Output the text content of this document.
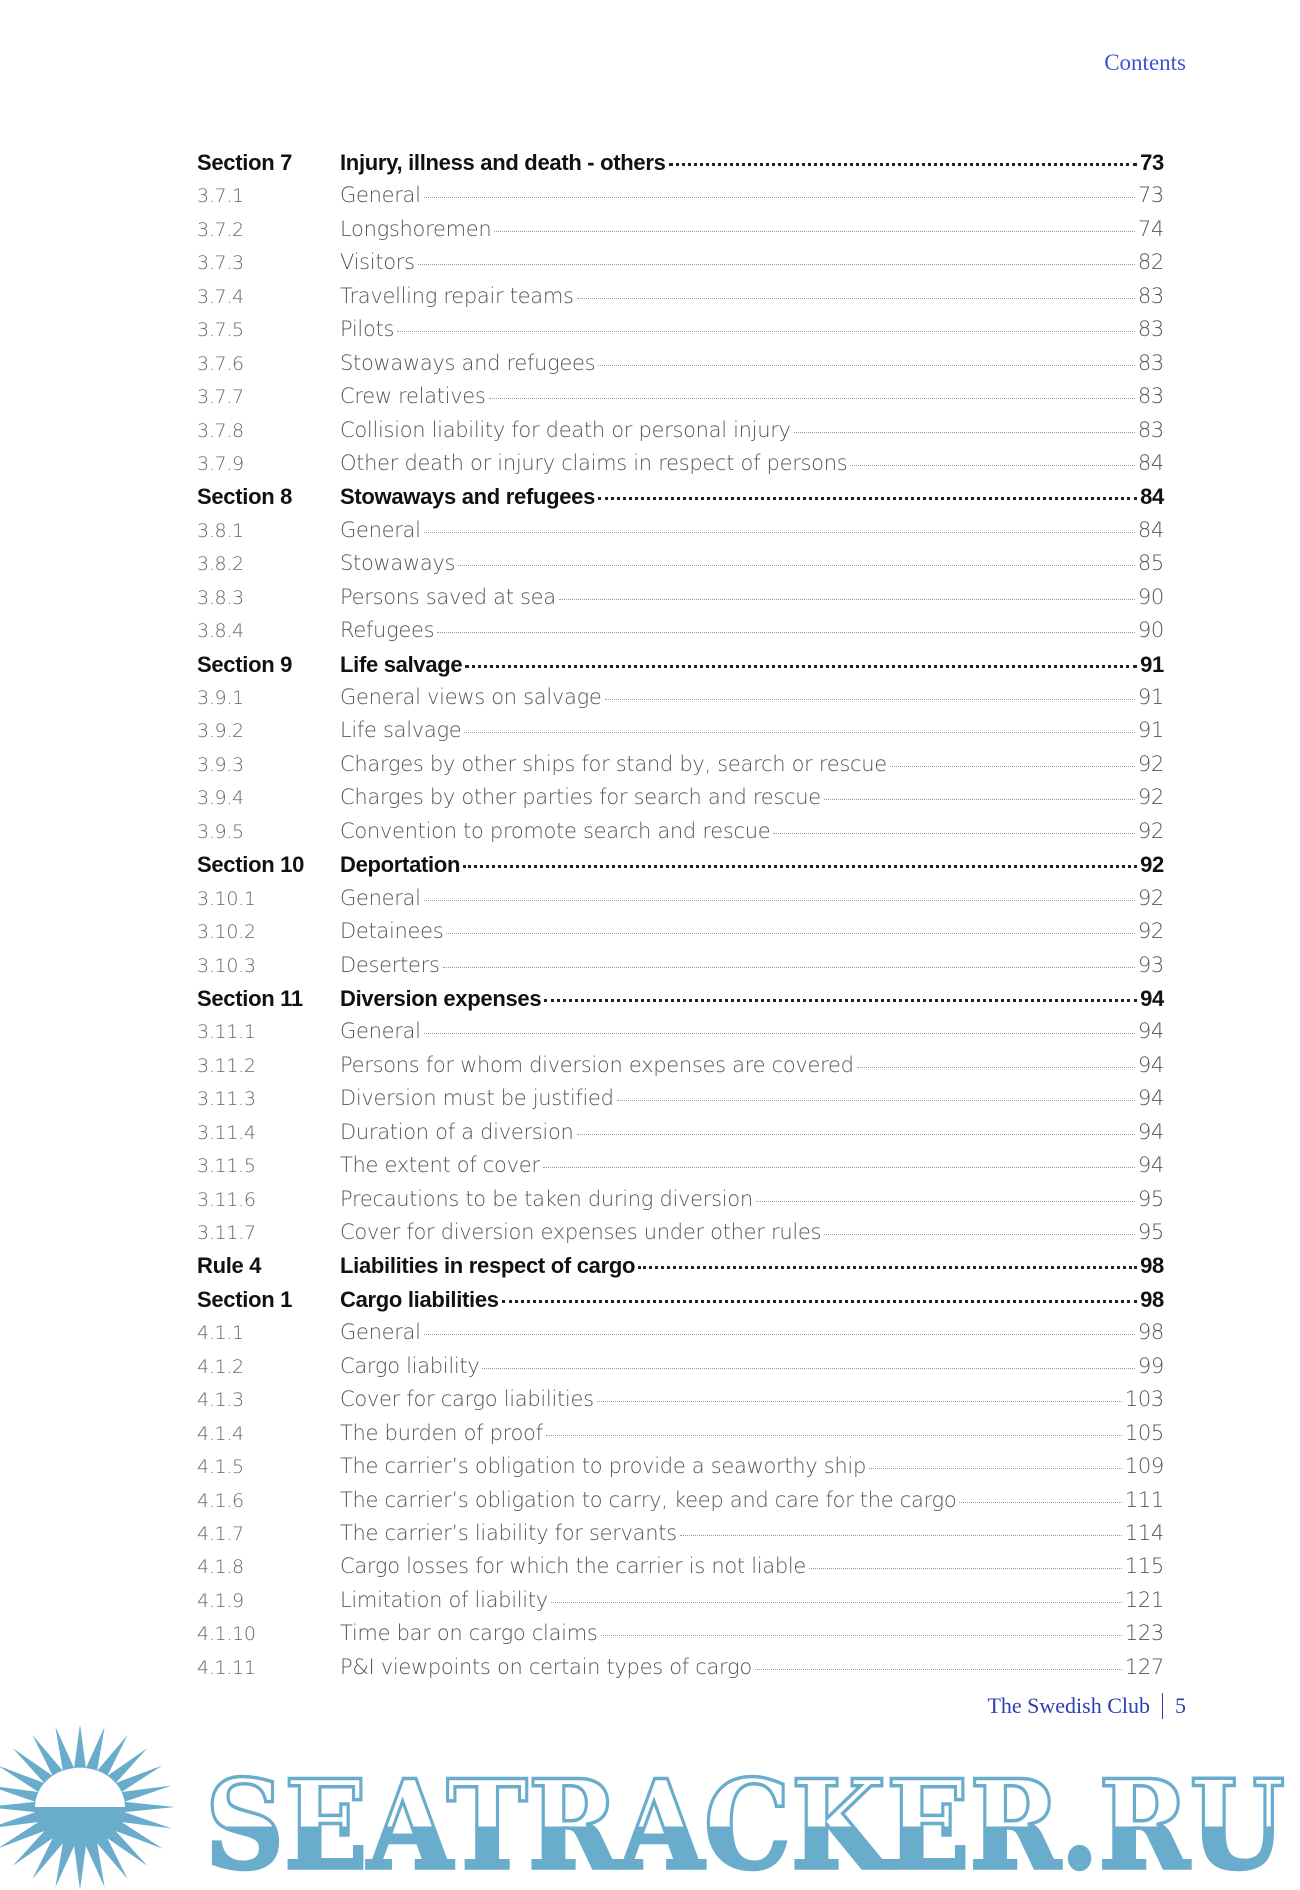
Contents
Section 7	Injury, illness and death - others	73
3.7.1	General	73
3.7.2	Longshoremen	74
3.7.3	Visitors	82
3.7.4	Travelling repair teams	83
3.7.5	Pilots	83
3.7.6	Stowaways and refugees	83
3.7.7	Crew relatives	83
3.7.8	Collision liability for death or personal injury	83
3.7.9	Other death or injury claims in respect of persons	84
Section 8	Stowaways and refugees	84
3.8.1	General	84
3.8.2	Stowaways	85
3.8.3	Persons saved at sea	90
3.8.4	Refugees	90
Section 9	Life salvage	91
3.9.1	General views on salvage	91
3.9.2	Life salvage	91
3.9.3	Charges by other ships for stand by, search or rescue	92
3.9.4	Charges by other parties for search and rescue	92
3.9.5	Convention to promote search and rescue	92
Section 10	Deportation	92
3.10.1	General	92
3.10.2	Detainees	92
3.10.3	Deserters	93
Section 11	Diversion expenses	94
3.11.1	General	94
3.11.2	Persons for whom diversion expenses are covered	94
3.11.3	Diversion must be justified	94
3.11.4	Duration of a diversion	94
3.11.5	The extent of cover	94
3.11.6	Precautions to be taken during diversion	95
3.11.7	Cover for diversion expenses under other rules	95
Rule 4	Liabilities in respect of cargo	98
Section 1	Cargo liabilities	98
4.1.1	General	98
4.1.2	Cargo liability	99
4.1.3	Cover for cargo liabilities	103
4.1.4	The burden of proof	105
4.1.5	The carrier’s obligation to provide a seaworthy ship	109
4.1.6	The carrier’s obligation to carry, keep and care for the cargo	111
4.1.7	The carrier’s liability for servants	114
4.1.8	Cargo losses for which the carrier is not liable	115
4.1.9	Limitation of liability	121
4.1.10	Time bar on cargo claims	123
4.1.11	P&I viewpoints on certain types of cargo	127
The Swedish Club 5
SEATRACKER.RU
